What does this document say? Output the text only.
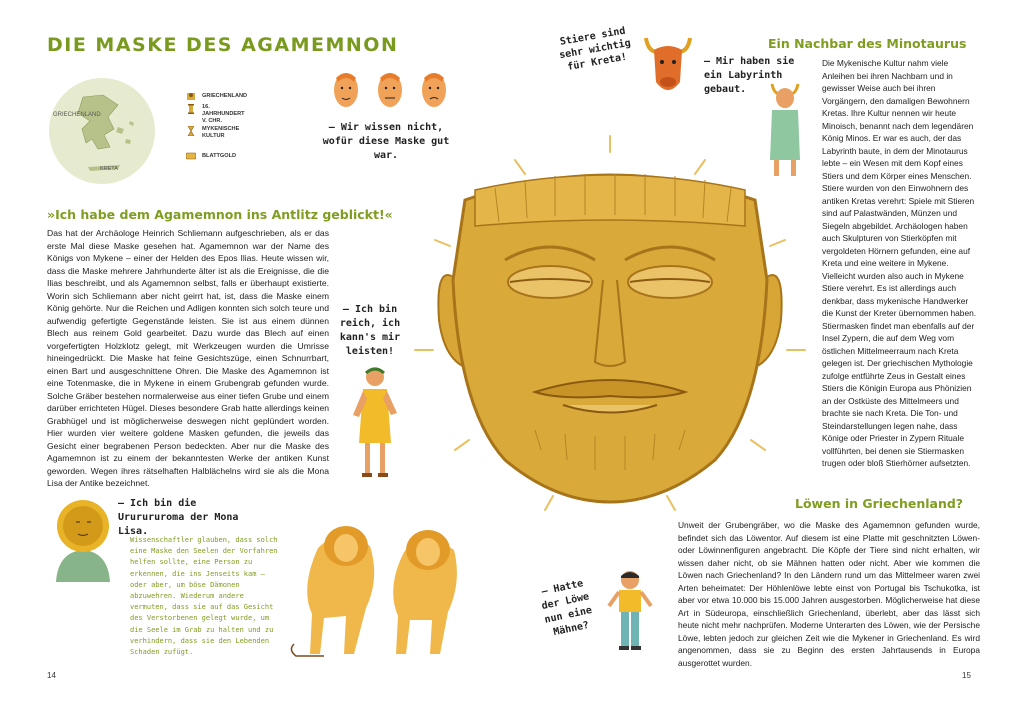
DIE MASKE DES AGAMEMNON
GRIECHENLAND
KRETA
GRIECHENLAND
16. JAHRHUNDERT V. CHR.
MYKENISCHE KULTUR
BLATTGOLD
– Wir wissen nicht, wofür diese Maske gut war.
»Ich habe dem Agamemnon ins Antlitz geblickt!«
Das hat der Archäologe Heinrich Schliemann aufgeschrieben, als er das erste Mal diese Maske gesehen hat. Agamemnon war der Name des Königs von Mykene – einer der Helden des Epos Ilias. Heute wissen wir, dass die Maske mehrere Jahrhunderte älter ist als die Ereignisse, die die Ilias beschreibt, und als Agamemnon selbst, falls er überhaupt existierte. Worin sich Schliemann aber nicht geirrt hat, ist, dass die Maske einem König gehörte. Nur die Reichen und Adligen konnten sich solch teure und aufwendig gefertigte Gegenstände leisten. Sie ist aus einem dünnen Blech aus reinem Gold gearbeitet. Dazu wurde das Blech auf einen vorgefertigten Holzklotz gelegt, mit Werkzeugen wurden die Umrisse hineingedrückt. Die Maske hat feine Gesichtszüge, einen Schnurrbart, einen Bart und ausgeschnittene Ohren. Die Maske des Agamemnon ist eine Totenmaske, die in Mykene in einem Grubengrab gefunden wurde. Solche Gräber bestehen normalerweise aus einer tiefen Grube und einem darüber errichteten Hügel. Dieses besondere Grab hatte allerdings keinen Grabhügel und ist möglicherweise deswegen nicht geplündert worden. Hier wurden vier weitere goldene Masken gefunden, die jeweils das Gesicht einer begrabenen Person bedeckten. Aber nur die Maske des Agamemnon ist zu einem der bekanntesten Werke der antiken Kunst geworden. Wegen ihres rätselhaften Halblächelns wird sie als die Mona Lisa der Antike bezeichnet.
– Ich bin reich, ich kann's mir leisten!
– Ich bin die Ururururoma der Mona Lisa.
Wissenschaftler glauben, dass solch eine Maske den Seelen der Vorfahren helfen sollte, eine Person zu erkennen, die ins Jenseits kam – oder aber, um böse Dämonen abzuwehren. Wiederum andere vermuten, dass sie auf das Gesicht des Verstorbenen gelegt wurde, um die Seele im Grab zu halten und zu verhindern, dass sie den Lebenden Schaden zufügt.
Stiere sind sehr wichtig für Kreta!	– Mir haben sie ein Labyrinth gebaut.
Ein Nachbar des Minotaurus
Die Mykenische Kultur nahm viele Anleihen bei ihren Nachbarn und in gewisser Weise auch bei ihren Vorgängern, den damaligen Bewohnern Kretas. Ihre Kultur nennen wir heute Minoisch, benannt nach dem legendären König Minos. Er war es auch, der das Labyrinth baute, in dem der Minotaurus lebte – ein Wesen mit dem Kopf eines Stiers und dem Körper eines Menschen. Stiere wurden von den Einwohnern des antiken Kretas verehrt: Spiele mit Stieren sind auf Palastwänden, Münzen und Siegeln abgebildet. Archäologen haben auch Skulpturen von Stierköpfen mit vergoldeten Hörnern gefunden, eine auf Kreta und eine weitere in Mykene. Vielleicht wurden also auch in Mykene Stiere verehrt. Es ist allerdings auch denkbar, dass mykenische Handwerker die Kunst der Kreter übernommen haben. Stiermasken findet man ebenfalls auf der Insel Zypern, die auf dem Weg vom östlichen Mittelmeerraum nach Kreta gelegen ist. Der griechischen Mythologie zufolge entführte Zeus in Gestalt eines Stiers die Königin Europa aus Phönizien an der Ostküste des Mittelmeers und brachte sie nach Kreta. Die Ton- und Steindarstellungen legen nahe, dass Könige oder Priester in Zypern Rituale vollführten, bei denen sie Stiermasken trugen oder bloß Stierhörner aufsetzten.
Löwen in Griechenland?
Unweit der Grubengräber, wo die Maske des Agamemnon gefunden wurde, befindet sich das Löwentor. Auf diesem ist eine Platte mit geschnitzten Löwen- oder Löwinnenfiguren angebracht. Die Köpfe der Tiere sind nicht erhalten, wir wissen daher nicht, ob sie Mähnen hatten oder nicht. Aber wie kommen die Löwen nach Griechenland? In den Ländern rund um das Mittelmeer waren zwei Arten beheimatet: Der Höhlenlöwe lebte einst von Portugal bis Tschukotka, ist aber vor etwa 10.000 bis 15.000 Jahren ausgestorben. Möglicherweise hat diese Art in Südeuropa, einschließlich Griechenland, überlebt, aber das lässt sich heute nicht mehr nachprüfen. Moderne Unterarten des Löwen, wie der Persische Löwe, lebten jedoch zur gleichen Zeit wie die Mykener in Griechenland. Es wird angenommen, dass sie zu Beginn des ersten Jahrtausends in Europa ausgerottet wurden.
– Hatte der Löwe nun eine Mähne?
14	15
